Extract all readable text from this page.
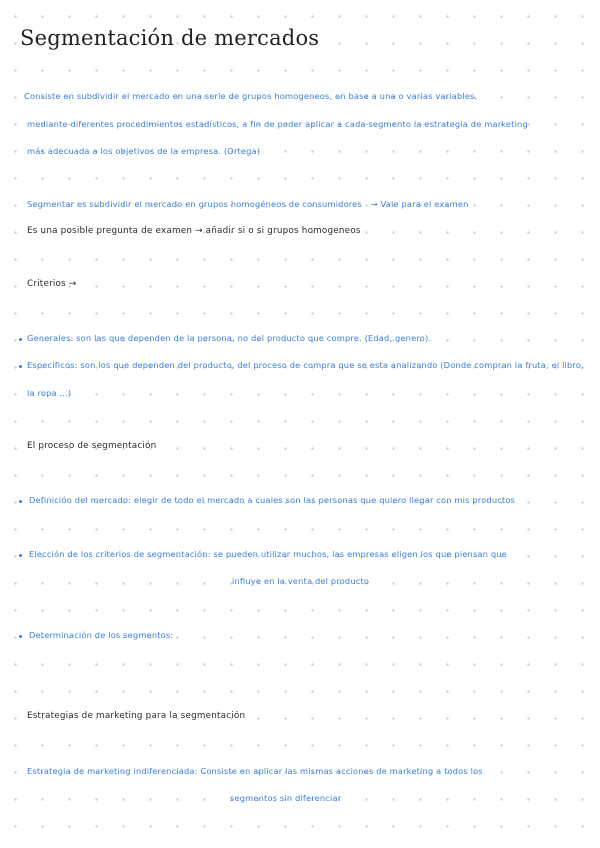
Segmentación de mercados
Consiste en subdividir el mercado en una serie de grupos homogeneos, en base a una o varias variables,
mediante diferentes procedimientos estadísticos, a fin de poder aplicar a cada segmento la estrategia de marketing
más adecuada a los objetivos de la empresa. (Ortega)
Segmentar es subdividir el mercado en grupos homogéneos de consumidores → Vale para el examen
Es una posible pregunta de examen → añadir si o si grupos homogeneos
Criterios →
Generales: son las que dependen de la persona, no del producto que compre. (Edad, genero).
Especificos: son los que dependen del producto, del proceso de compra que se esta analizando (Donde compran la fruta, el libro,
la ropa ...)
El proceso de segmentación
Definición del mercado: elegir de todo el mercado a cuales son las personas que quiero llegar con mis productos
Elección de los criterios de segmentación: se pueden utilizar muchos, las empresas eligen los que piensan que
influye en la venta del producto
Determinación de los segmentos:
Estrategias de marketing para la segmentación
Estrategia de marketing indiferenciada: Consiste en aplicar las mismas acciones de marketing a todos los
segmentos sin diferenciar
